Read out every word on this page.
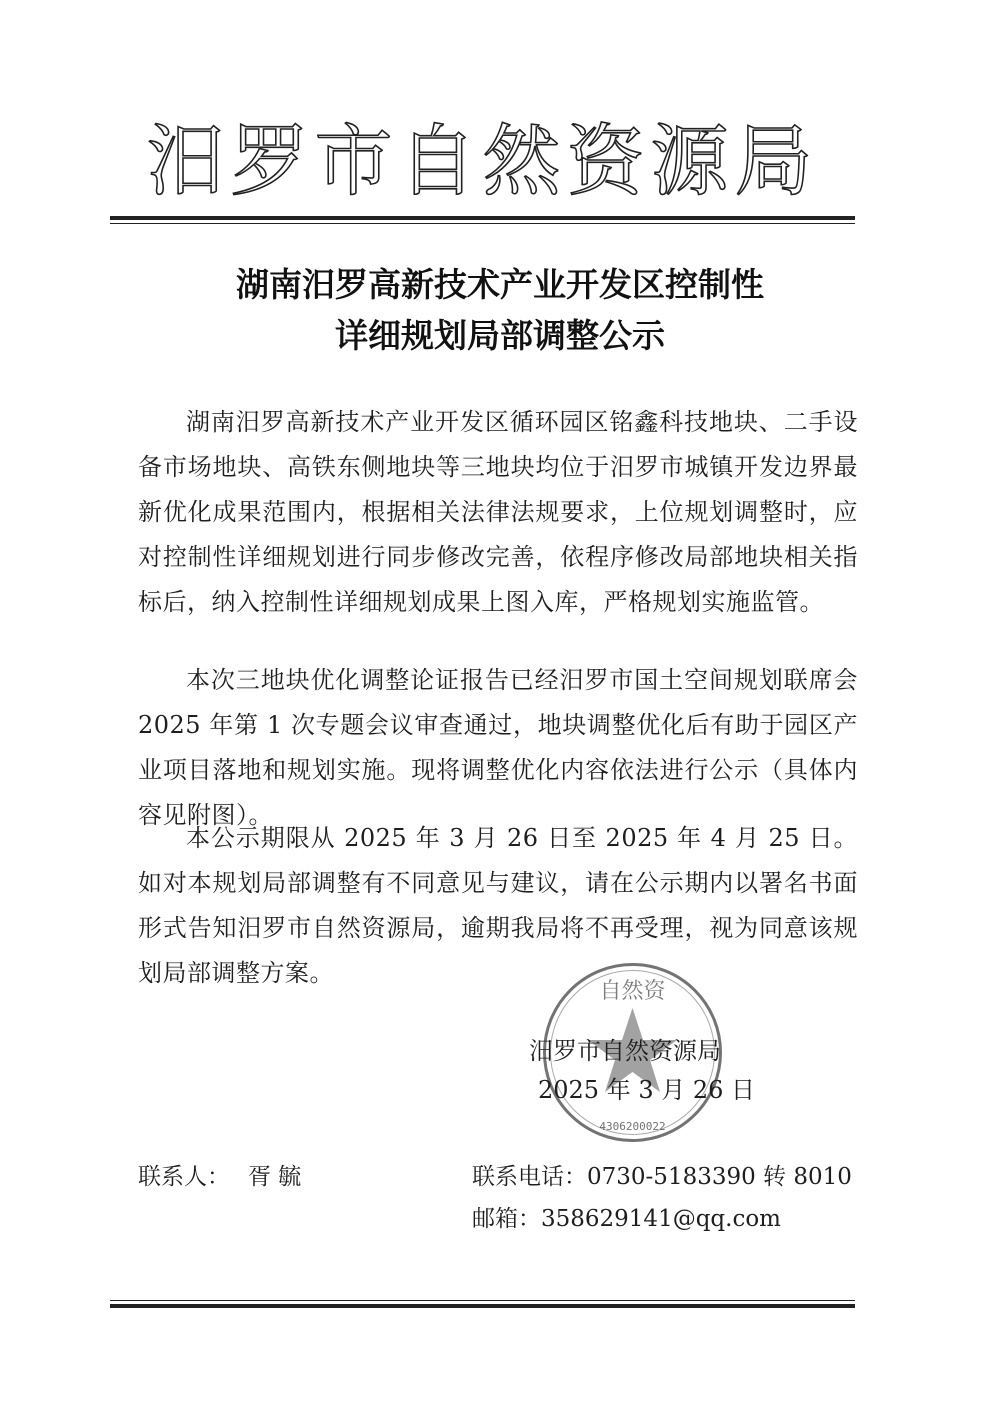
汨罗市自然资源局
湖南汨罗高新技术产业开发区控制性
详细规划局部调整公示

湖南汨罗高新技术产业开发区循环园区铭鑫科技地块、二手设备市场地块、高铁东侧地块等三地块均位于汨罗市城镇开发边界最新优化成果范围内，根据相关法律法规要求，上位规划调整时，应对控制性详细规划进行同步修改完善，依程序修改局部地块相关指标后，纳入控制性详细规划成果上图入库，严格规划实施监管。

本次三地块优化调整论证报告已经汨罗市国土空间规划联席会 2025 年第 1 次专题会议审查通过，地块调整优化后有助于园区产业项目落地和规划实施。现将调整优化内容依法进行公示（具体内容见附图）。

本公示期限从 2025 年 3 月 26 日至 2025 年 4 月 25 日。如对本规划局部调整有不同意见与建议，请在公示期内以署名书面形式告知汨罗市自然资源局，逾期我局将不再受理，视为同意该规划局部调整方案。

自然资
4306200022
汨罗市自然资源局
2025 年 3 月 26 日
联系人： 胥 毓	联系电话：0730-5183390 转 8010
邮箱：358629141@qq.com
